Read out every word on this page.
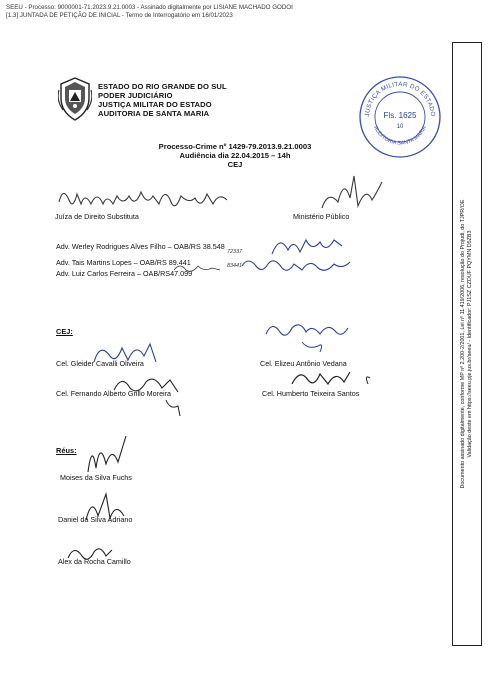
SEEU - Processo: 9000001-71.2023.9.21.0003 - Assinado digitalmente por LISIANE MACHADO GODOI
[1.3] JUNTADA DE PETIÇÃO DE INICIAL - Termo de Interrogatório em 16/01/2023
ESTADO DO RIO GRANDE DO SUL
PODER JUDICIÁRIO
JUSTIÇA MILITAR DO ESTADO
AUDITORIA DE SANTA MARIA	JUSTIÇA MILITAR DO ESTADO
AUDITORIA SANTA MARIA
Fls. 1625
10
Processo-Crime nº 1429-79.2013.9.21.0003
Audiência dia 22.04.2015 – 14h
CEJ
Juíza de Direito Substituta	Ministério Público
Adv. Werley Rodrigues Alves Filho – OAB/RS 38.548
Adv. Tais Martins Lopes – OAB/RS 89.441
Adv. Luiz Carlos Ferreira – OAB/RS47.099
72337
83441
CEJ:
Cel. Gleider Cavalli Oliveira	Cel. Elizeu Antônio Vedana
Cel. Fernando Alberto Grillo Moreira	Cel. Humberto Teixeira Santos
Réus:
Moises da Silva Fuchs
Daniel da Silva Adriano
Alex da Rocha Camillo
Documento assinado digitalmente, conforme MP nº 2.200-2/2001, Lei nº 11.419/2006, resolução do Projudi, do TJPR/OE Validação deste em https://seeu.pje.jus.br/seeu/ - Identificador: PJ1SZ CZDUF PQYMN D5ZB3
